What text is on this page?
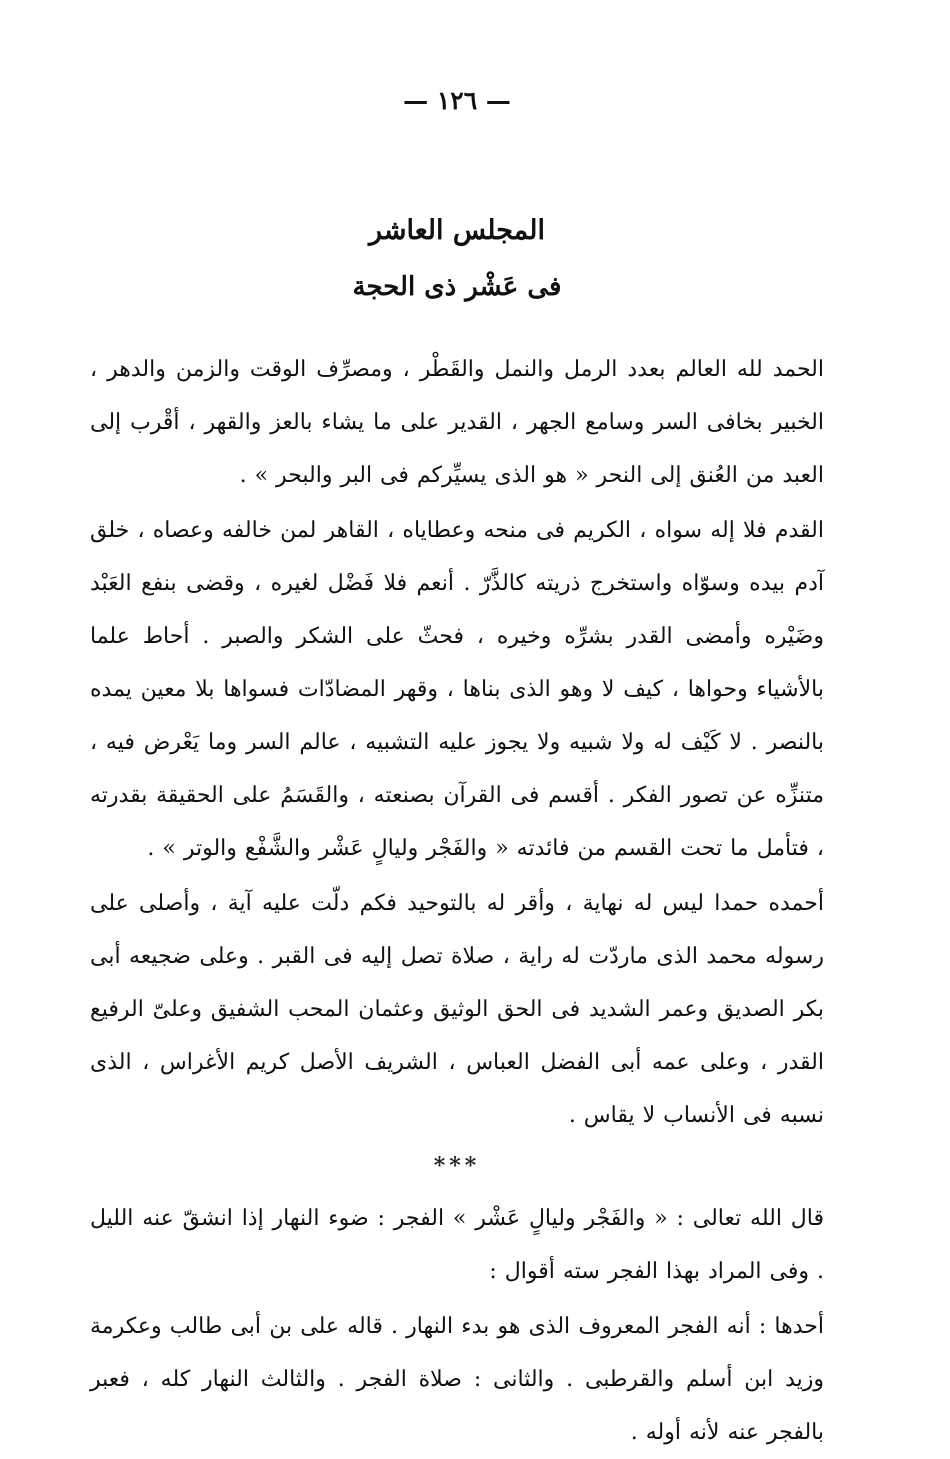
— ١٢٦ —
المجلس العاشر
فى عَشْر ذى الحجة

الحمد لله العالم بعدد الرمل والنمل والقَطْر ، ومصرِّف الوقت والزمن والدهر ، الخبير بخافى السر وسامع الجهر ، القدير على ما يشاء بالعز والقهر ، أقْرب إلى العبد من العُنق إلى النحر « هو الذى يسيِّركم فى البر والبحر » .

القدم فلا إله سواه ، الكريم فى منحه وعطاياه ، القاهر لمن خالفه وعصاه ، خلق آدم بيده وسوّاه واستخرج ذريته كالذَّرّ . أنعم فلا فَضْل لغيره ، وقضى بنفع العَبْد وضَيْره وأمضى القدر بشرِّه وخيره ، فحثّ على الشكر والصبر . أحاط علما بالأشياء وحواها ، كيف لا وهو الذى بناها ، وقهر المضادّات فسواها بلا معين يمده بالنصر . لا كَيْف له ولا شبيه ولا يجوز عليه التشبيه ، عالم السر وما يَعْرض فيه ، متنزِّه عن تصور الفكر . أقسم فى القرآن بصنعته ، والقَسَمُ على الحقيقة بقدرته ، فتأمل ما تحت القسم من فائدته « والفَجْر وليالٍ عَشْر والشَّفْع والوتر » .

أحمده حمدا ليس له نهاية ، وأقر له بالتوحيد فكم دلّت عليه آية ، وأصلى على رسوله محمد الذى ماردّت له راية ، صلاة تصل إليه فى القبر . وعلى ضجيعه أبى بكر الصديق وعمر الشديد فى الحق الوثيق وعثمان المحب الشفيق وعلىّ الرفيع القدر ، وعلى عمه أبى الفضل العباس ، الشريف الأصل كريم الأغراس ، الذى نسبه فى الأنساب لا يقاس .

***

قال الله تعالى : « والفَجْر وليالٍ عَشْر » الفجر : ضوء النهار إذا انشقّ عنه الليل . وفى المراد بهذا الفجر سته أقوال :

أحدها : أنه الفجر المعروف الذى هو بدء النهار . قاله على بن أبى طالب وعكرمة وزيد ابن أسلم والقرطبى . والثانى : صلاة الفجر . والثالث النهار كله ، فعبر بالفجر عنه لأنه أوله .
